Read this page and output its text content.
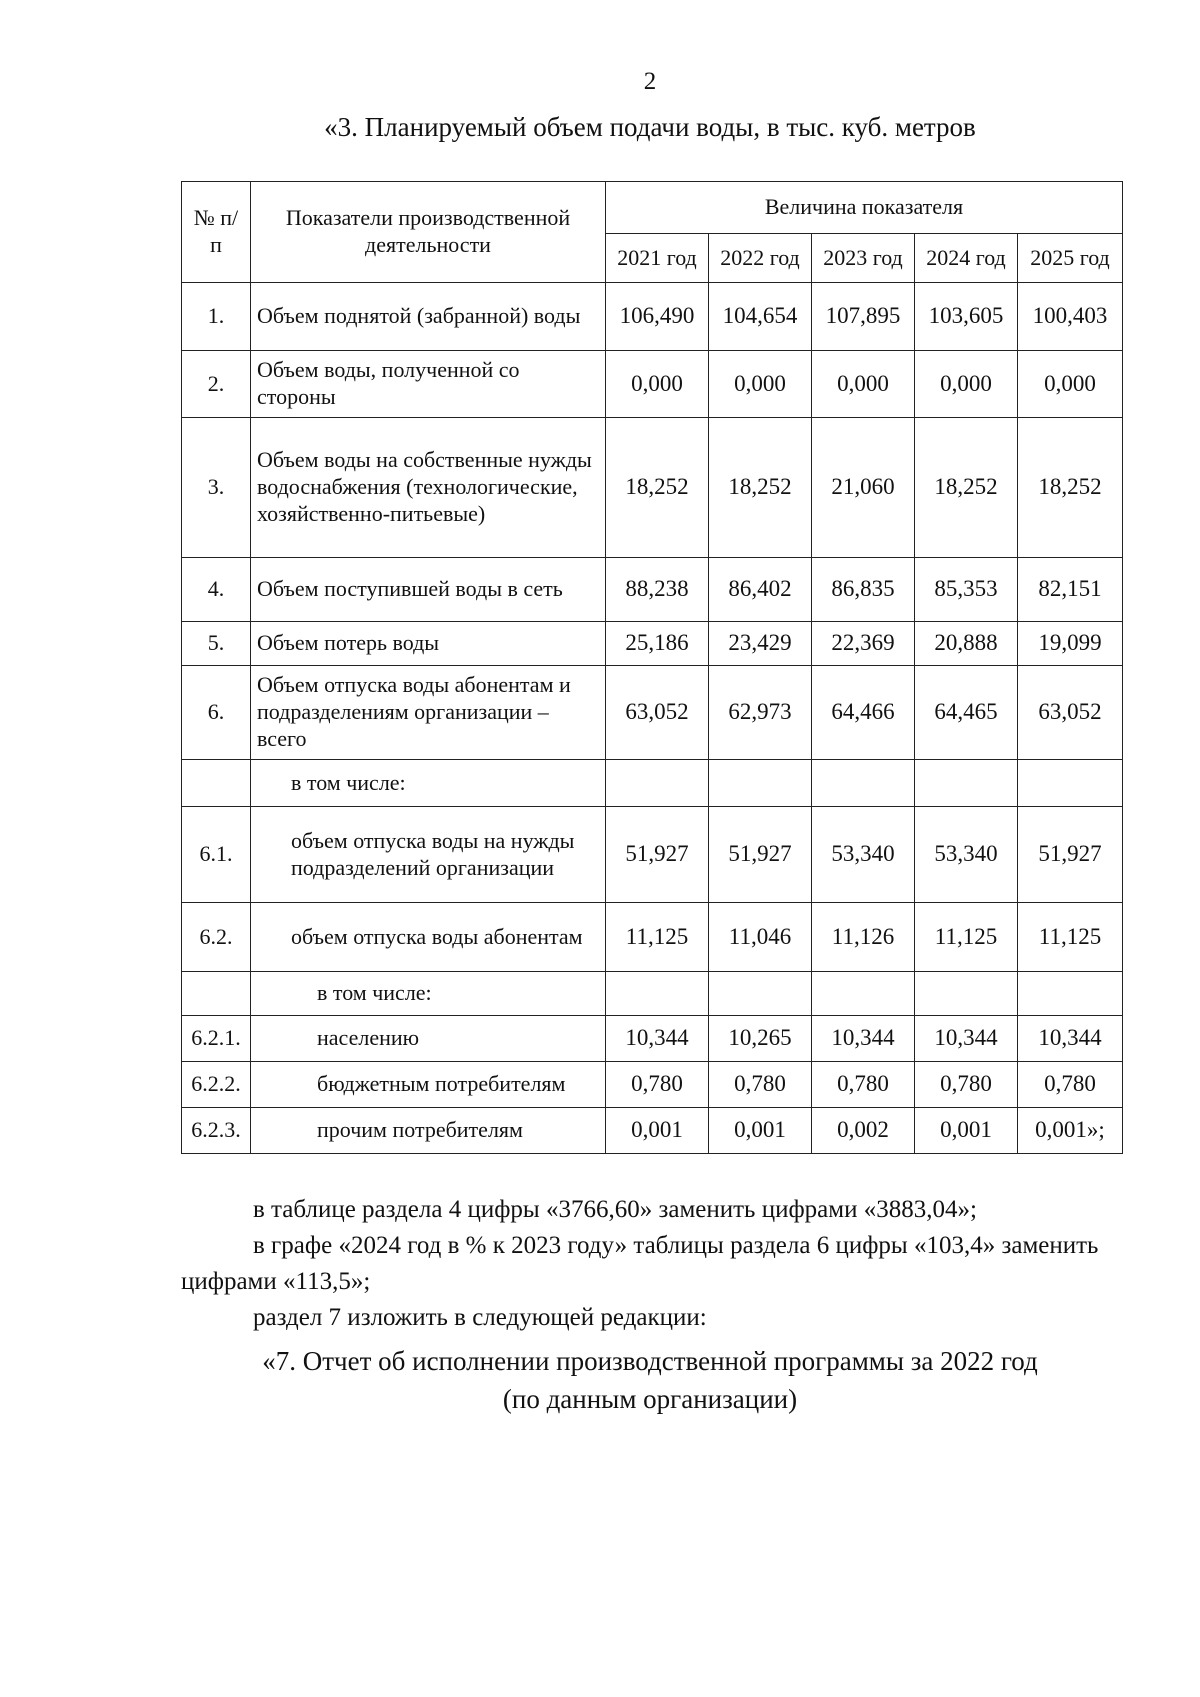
2
«3. Планируемый объем подачи воды, в тыс. куб. метров
№ п/п	Показатели производственной деятельности	Величина показателя				
		2021 год	2022 год	2023 год	2024 год	2025 год
1.	Объем поднятой (забранной) воды	106,490	104,654	107,895	103,605	100,403
2.	Объем воды, полученной со стороны	0,000	0,000	0,000	0,000	0,000
3.	Объем воды на собственные нужды водоснабжения (технологические, хозяйственно-питьевые)	18,252	18,252	21,060	18,252	18,252
4.	Объем поступившей воды в сеть	88,238	86,402	86,835	85,353	82,151
5.	Объем потерь воды	25,186	23,429	22,369	20,888	19,099
6.	Объем отпуска воды абонентам и подразделениям организации – всего	63,052	62,973	64,466	64,465	63,052
	в том числе:					
6.1.	объем отпуска воды на нужды подразделений организации	51,927	51,927	53,340	53,340	51,927
6.2.	объем отпуска воды абонентам	11,125	11,046	11,126	11,125	11,125
	в том числе:					
6.2.1.	населению	10,344	10,265	10,344	10,344	10,344
6.2.2.	бюджетным потребителям	0,780	0,780	0,780	0,780	0,780
6.2.3.	прочим потребителям	0,001	0,001	0,002	0,001	0,001»;

в таблице раздела 4 цифры «3766,60» заменить цифрами «3883,04»;

в графе «2024 год в % к 2023 году» таблицы раздела 6 цифры «103,4» заменить цифрами «113,5»;

раздел 7 изложить в следующей редакции:

«7. Отчет об исполнении производственной программы за 2022 год
(по данным организации)
